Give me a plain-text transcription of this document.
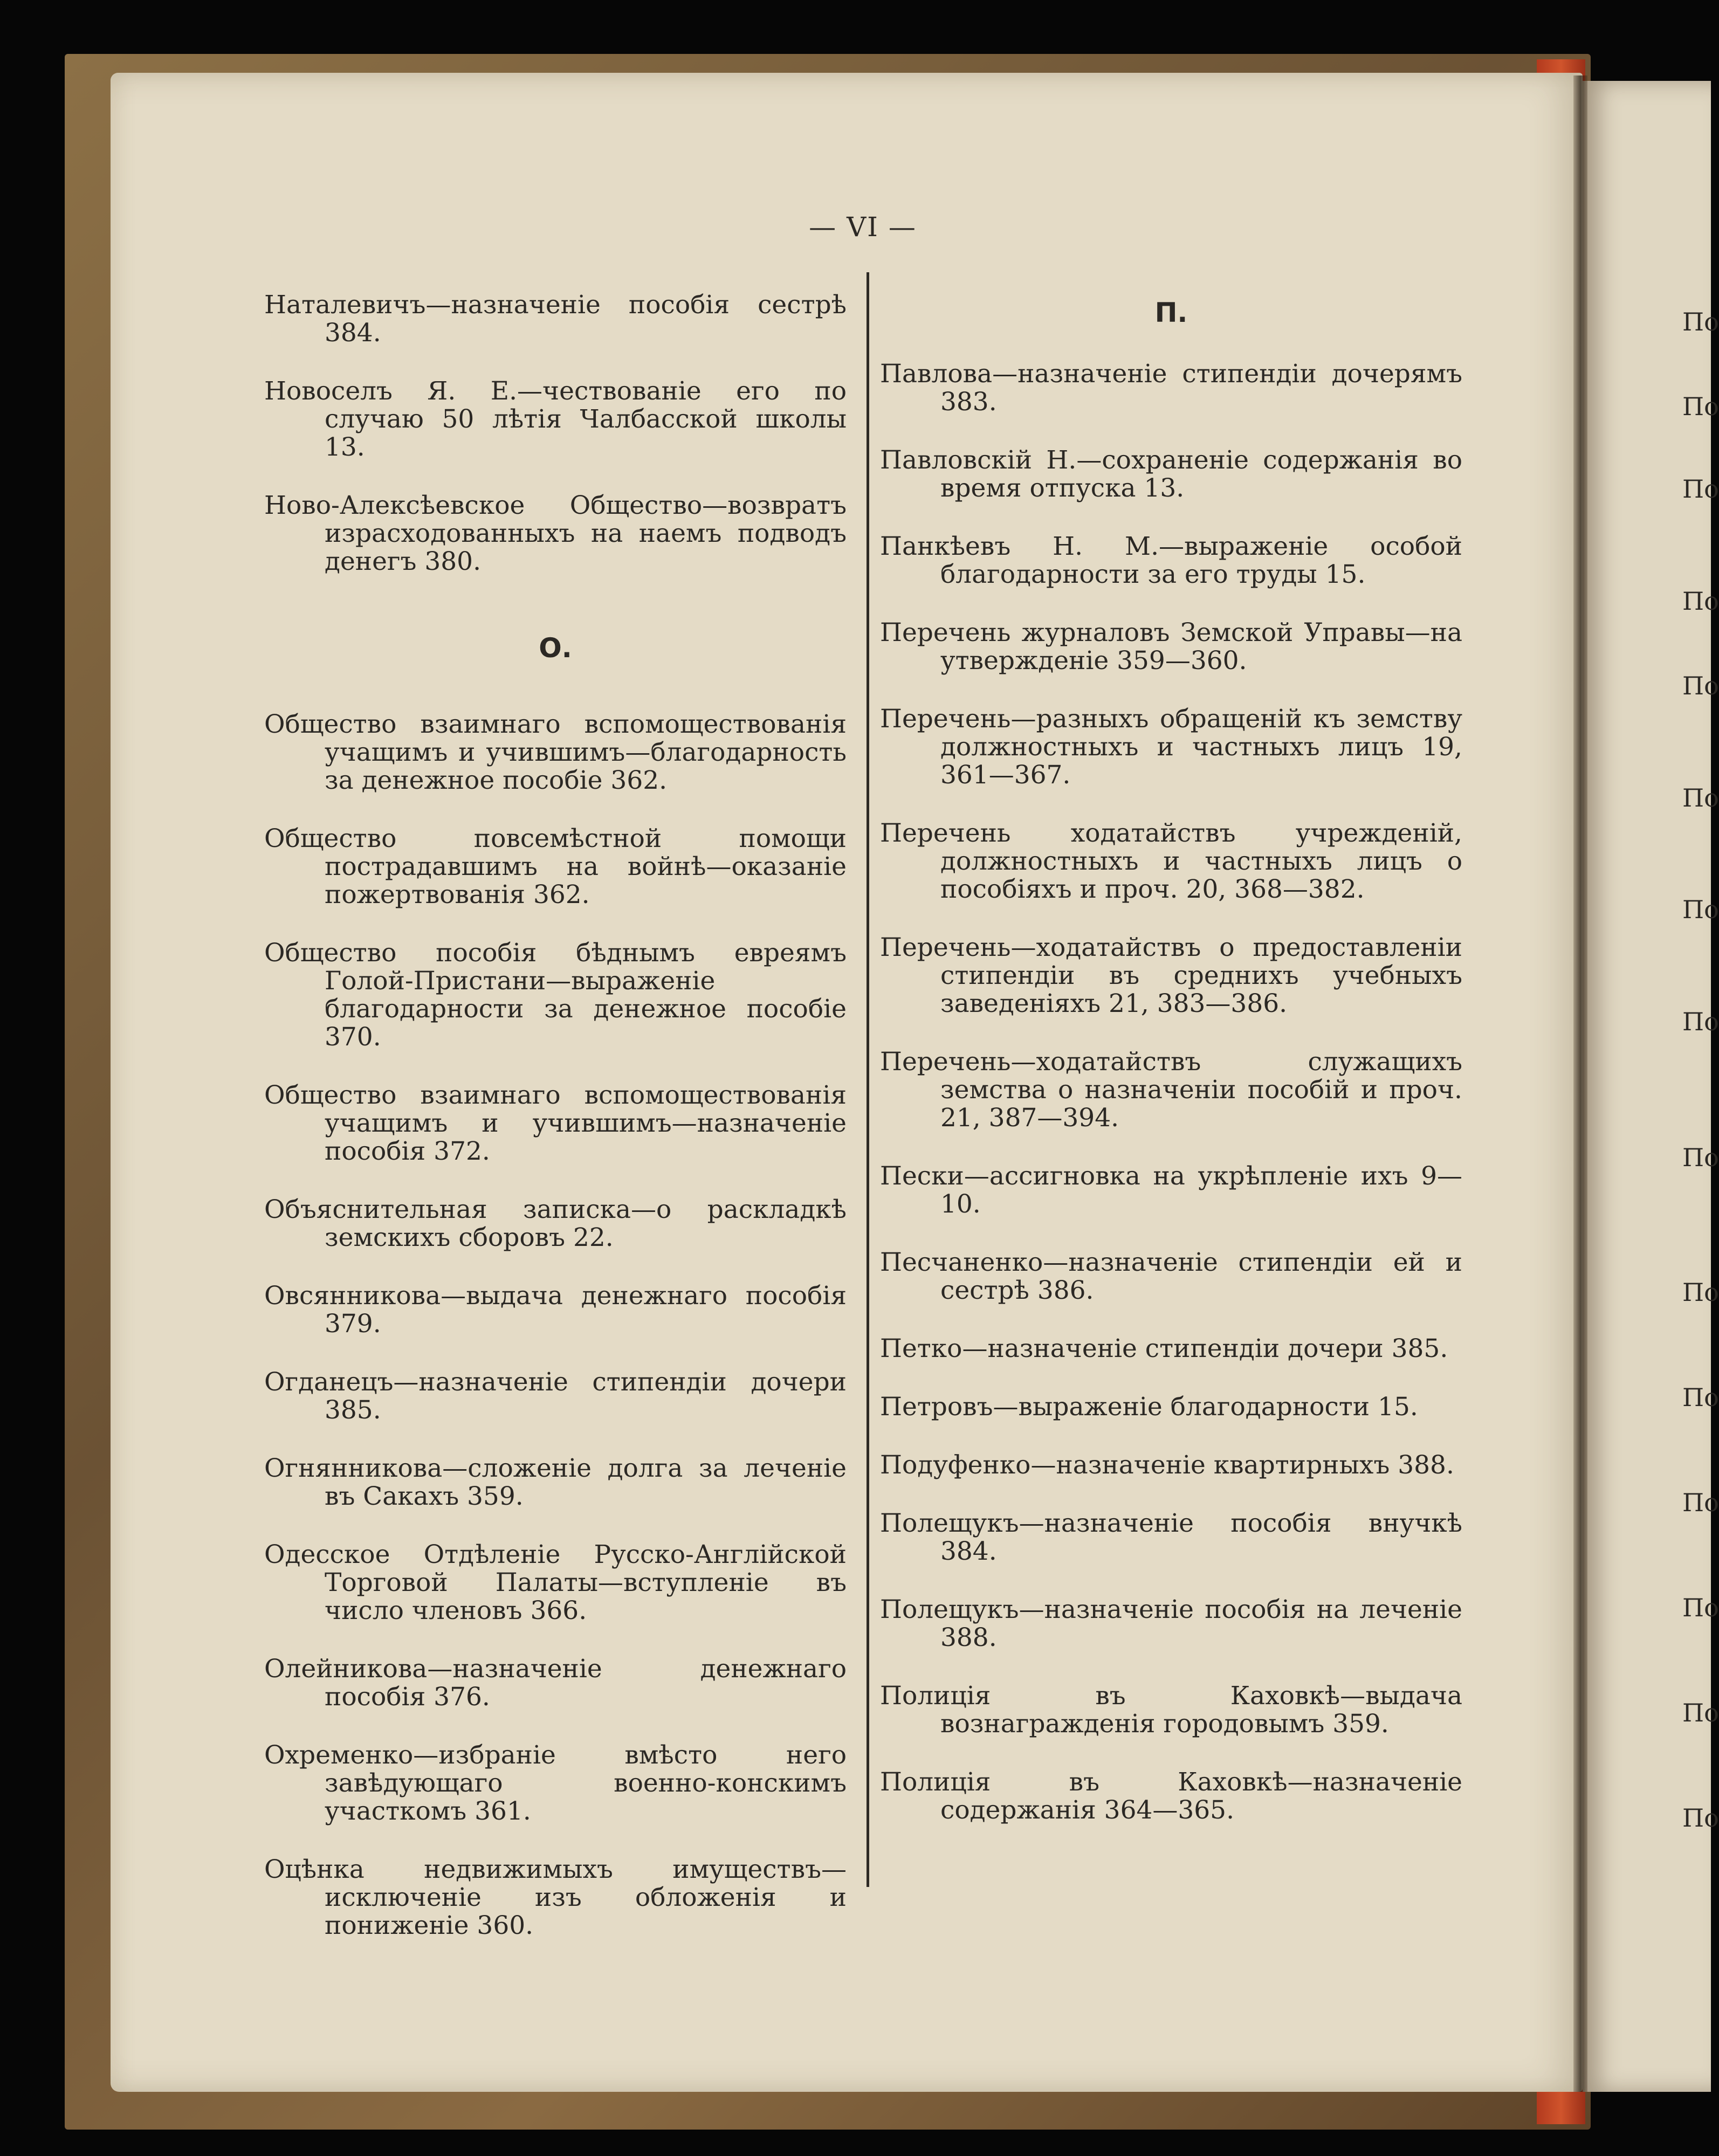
— VI —

Наталевичъ—назначеніе пособія сестрѣ 384.

Новоселъ Я. Е.—чествованіе его по случаю 50 лѣтія Чалбасской школы 13.

Ново-Алексѣевское Общество—возвратъ израсходованныхъ на наемъ подводъ денегъ 380.

О.

Общество взаимнаго вспомоществованія учащимъ и учившимъ—благодарность за денежное пособіе 362.

Общество повсемѣстной помощи пострадавшимъ на войнѣ—оказаніе пожертвованія 362.

Общество пособія бѣднымъ евреямъ Голой-Пристани—выраженіе благодарности за денежное пособіе 370.

Общество взаимнаго вспомоществованія учащимъ и учившимъ—назначеніе пособія 372.

Объяснительная записка—о раскладкѣ земскихъ сборовъ 22.

Овсянникова—выдача денежнаго пособія 379.

Огданецъ—назначеніе стипендіи дочери 385.

Огнянникова—сложеніе долга за леченіе въ Сакахъ 359.

Одесское Отдѣленіе Русско-Англійской Торговой Палаты—вступленіе въ число членовъ 366.

Олейникова—назначеніе денежнаго пособія 376.

Охременко—избраніе вмѣсто него завѣдующаго военно-конскимъ участкомъ 361.

Оцѣнка недвижимыхъ имуществъ—исключеніе изъ обложенія и пониженіе 360.

П.

Павлова—назначеніе стипендіи дочерямъ 383.

Павловскій Н.—сохраненіе содержанія во время отпуска 13.

Панкѣевъ Н. М.—выраженіе особой благодарности за его труды 15.

Перечень журналовъ Земской Управы—на утвержденіе 359—360.

Перечень—разныхъ обращеній къ земству должностныхъ и частныхъ лицъ 19, 361—367.

Перечень ходатайствъ учрежденій, должностныхъ и частныхъ лицъ о пособіяхъ и проч. 20, 368—382.

Перечень—ходатайствъ о предоставленіи стипендіи въ среднихъ учебныхъ заведеніяхъ 21, 383—386.

Перечень—ходатайствъ служащихъ земства о назначеніи пособій и проч. 21, 387—394.

Пески—ассигновка на укрѣпленіе ихъ 9—10.

Песчаненко—назначеніе стипендіи ей и сестрѣ 386.

Петко—назначеніе стипендіи дочери 385.

Петровъ—выраженіе благодарности 15.

Подуфенко—назначеніе квартирныхъ 388.

Полещукъ—назначеніе пособія внучкѣ 384.

Полещукъ—назначеніе пособія на леченіе 388.

Полиція въ Каховкѣ—выдача вознагражденія городовымъ 359.

Полиція въ Каховкѣ—назначеніе содержанія 364—365.

По
По
По
По
По
По
По
По
По
По
По
По
По
По
По
